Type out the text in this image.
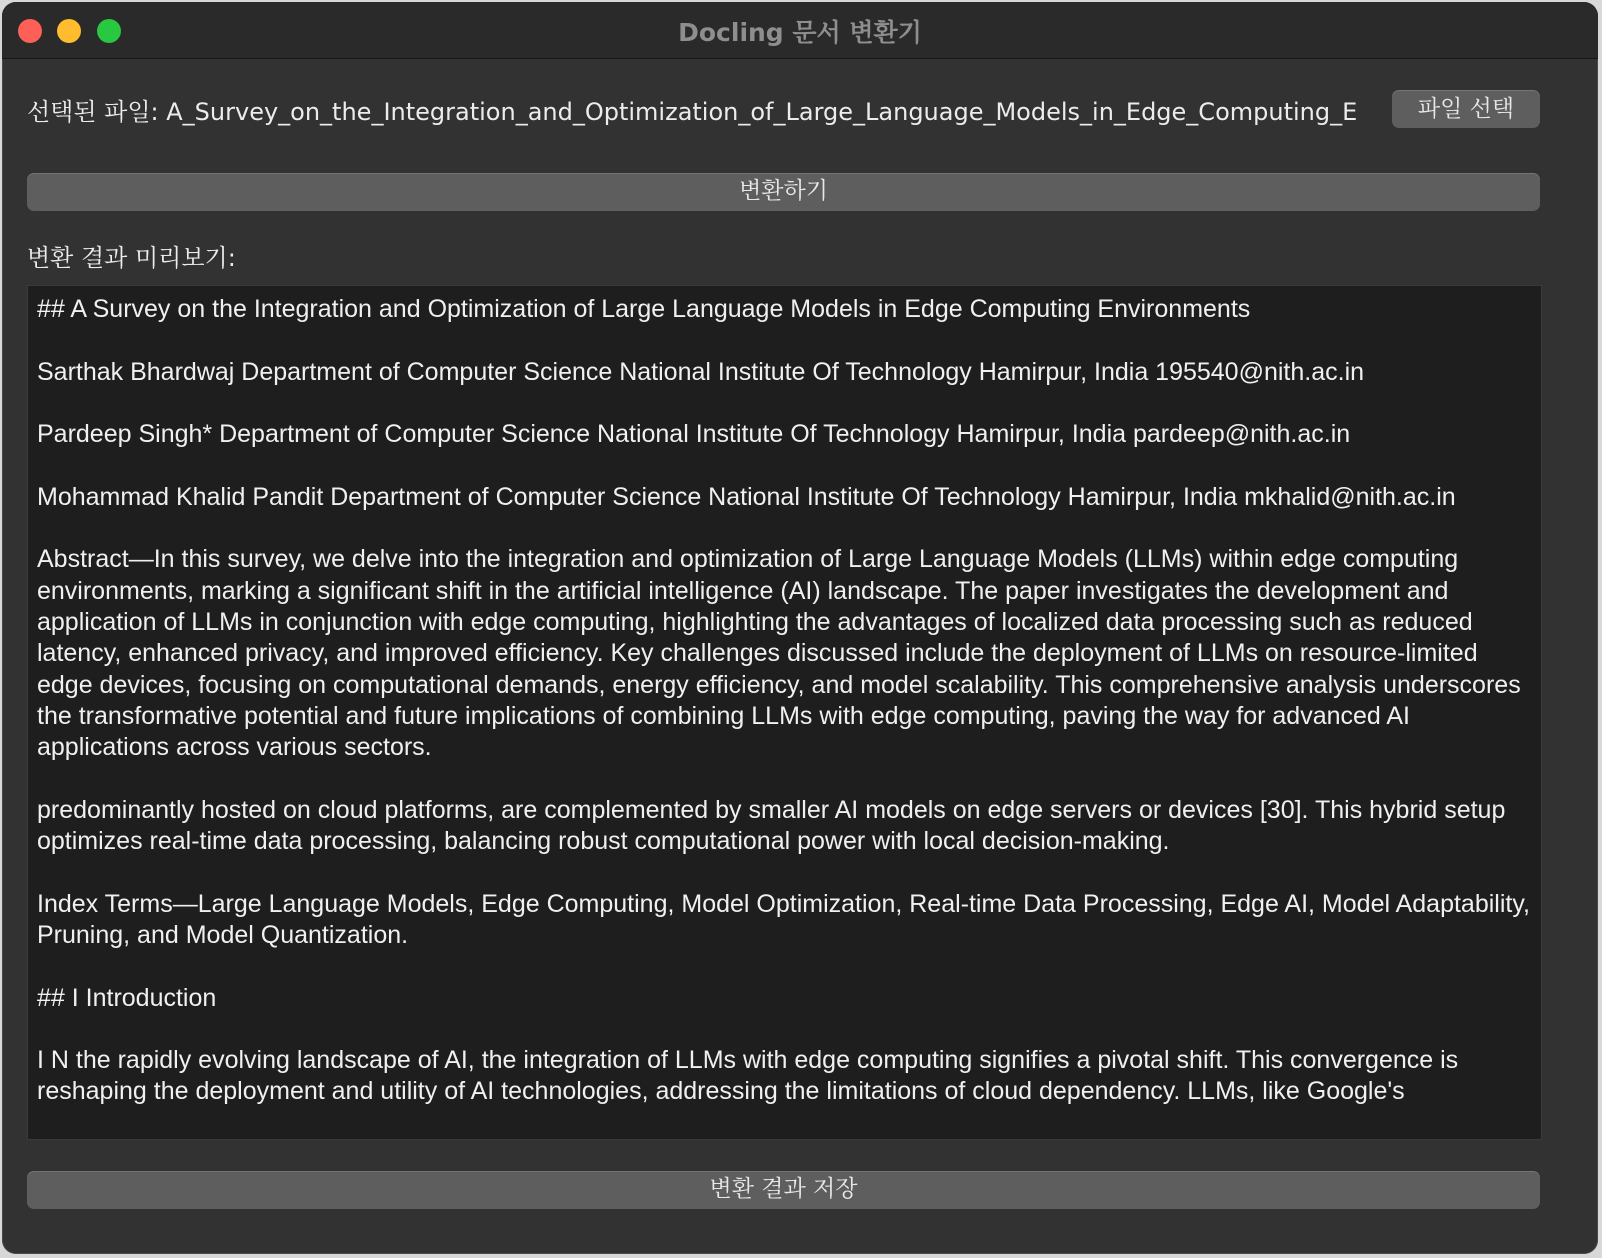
Docling 문서 변환기
선택된 파일: A_Survey_on_the_Integration_and_Optimization_of_Large_Language_Models_in_Edge_Computing_E	파일 선택
변환하기
변환 결과 미리보기:

## A Survey on the Integration and Optimization of Large Language Models in Edge Computing Environments

Sarthak Bhardwaj Department of Computer Science National Institute Of Technology Hamirpur, India 195540@nith.ac.in

Pardeep Singh* Department of Computer Science National Institute Of Technology Hamirpur, India pardeep@nith.ac.in

Mohammad Khalid Pandit Department of Computer Science National Institute Of Technology Hamirpur, India mkhalid@nith.ac.in

Abstract—In this survey, we delve into the integration and optimization of Large Language Models (LLMs) within edge computing environments, marking a significant shift in the artificial intelligence (AI) landscape. The paper investigates the development and application of LLMs in conjunction with edge computing, highlighting the advantages of localized data processing such as reduced latency, enhanced privacy, and improved efficiency. Key challenges discussed include the deployment of LLMs on resource-limited edge devices, focusing on computational demands, energy efficiency, and model scalability. This comprehensive analysis underscores the transformative potential and future implications of combining LLMs with edge computing, paving the way for advanced AI applications across various sectors.

predominantly hosted on cloud platforms, are complemented by smaller AI models on edge servers or devices [30]. This hybrid setup optimizes real-time data processing, balancing robust computational power with local decision-making.

Index Terms—Large Language Models, Edge Computing, Model Optimization, Real-time Data Processing, Edge AI, Model Adaptability, Pruning, and Model Quantization.

## I Introduction

I N the rapidly evolving landscape of AI, the integration of LLMs with edge computing signifies a pivotal shift. This convergence is reshaping the deployment and utility of AI technologies, addressing the limitations of cloud dependency. LLMs, like Google's

변환 결과 저장
